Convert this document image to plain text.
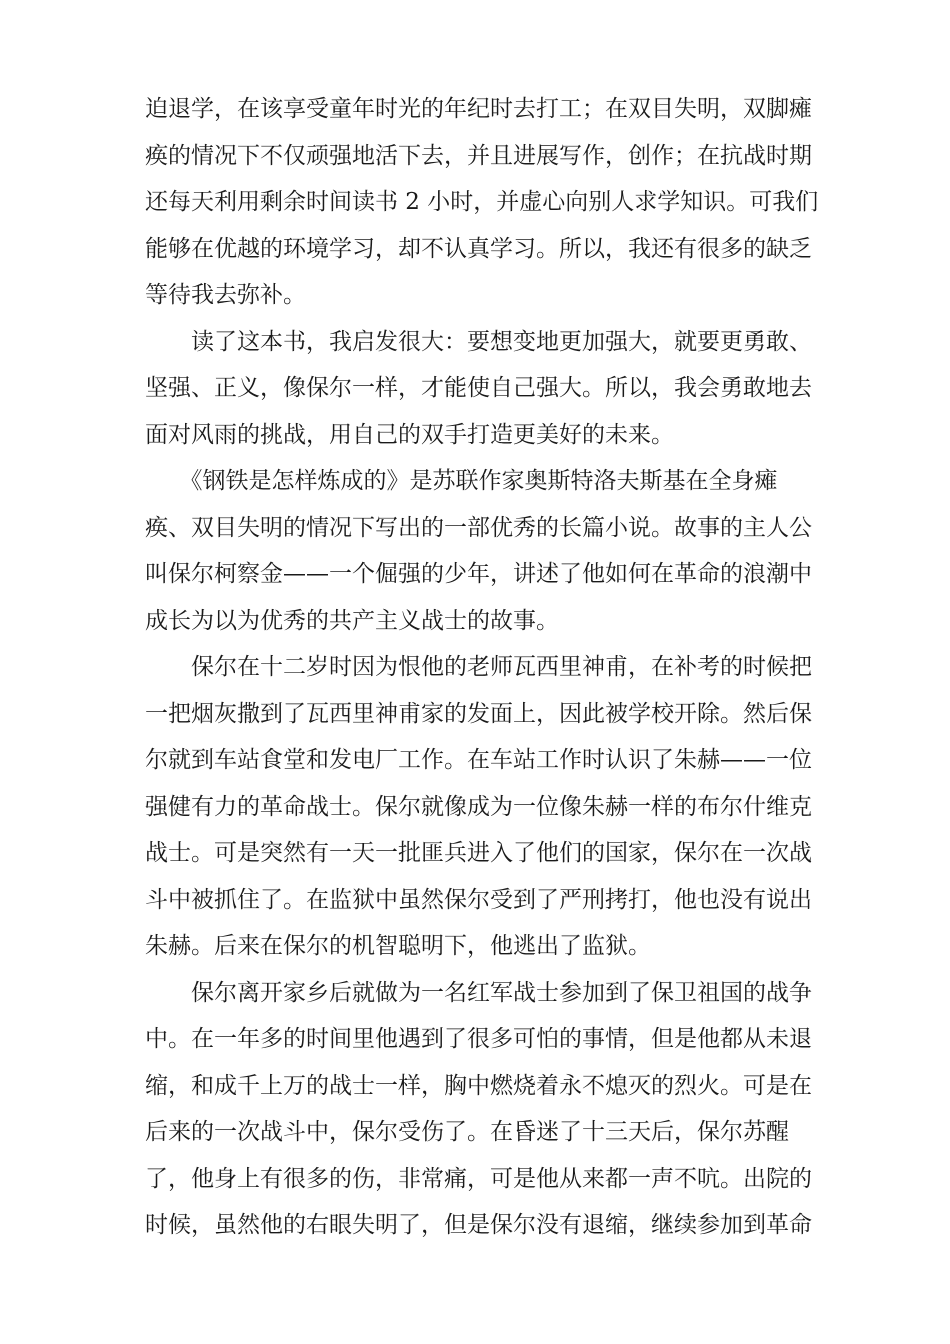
迫退学，在该享受童年时光的年纪时去打工；在双目失明，双脚瘫
痪的情况下不仅顽强地活下去，并且进展写作，创作；在抗战时期
还每天利用剩余时间读书 2 小时，并虚心向别人求学知识。可我们
能够在优越的环境学习，却不认真学习。所以，我还有很多的缺乏
等待我去弥补。
　　读了这本书，我启发很大：要想变地更加强大，就要更勇敢、
坚强、正义，像保尔一样，才能使自己强大。所以，我会勇敢地去
面对风雨的挑战，用自己的双手打造更美好的未来。
　　《钢铁是怎样炼成的》是苏联作家奥斯特洛夫斯基在全身瘫
痪、双目失明的情况下写出的一部优秀的长篇小说。故事的主人公
叫保尔柯察金——一个倔强的少年，讲述了他如何在革命的浪潮中
成长为以为优秀的共产主义战士的故事。
　　保尔在十二岁时因为恨他的老师瓦西里神甫，在补考的时候把
一把烟灰撒到了瓦西里神甫家的发面上，因此被学校开除。然后保
尔就到车站食堂和发电厂工作。在车站工作时认识了朱赫——一位
强健有力的革命战士。保尔就像成为一位像朱赫一样的布尔什维克
战士。可是突然有一天一批匪兵进入了他们的国家，保尔在一次战
斗中被抓住了。在监狱中虽然保尔受到了严刑拷打，他也没有说出
朱赫。后来在保尔的机智聪明下，他逃出了监狱。
　　保尔离开家乡后就做为一名红军战士参加到了保卫祖国的战争
中。在一年多的时间里他遇到了很多可怕的事情，但是他都从未退
缩，和成千上万的战士一样，胸中燃烧着永不熄灭的烈火。可是在
后来的一次战斗中，保尔受伤了。在昏迷了十三天后，保尔苏醒
了，他身上有很多的伤，非常痛，可是他从来都一声不吭。出院的
时候，虽然他的右眼失明了，但是保尔没有退缩，继续参加到革命
